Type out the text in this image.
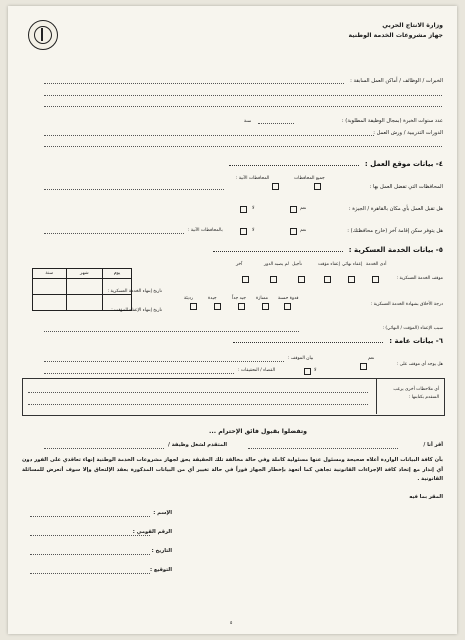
وزارة الانتاج الحربي
جهاز مشروعات الخدمة الوطنية
الخبرات / الوظائف / أماكن العمل السابقة :
عدد سنوات الخبرة (بمجال الوظيفة المطلوبة) :
سنة
الدورات التدريبية / ورش العمل :
٤- بيانات موقع العمل :
المحافظات التي تفضل العمل بها :
جميع المحافظات
المحافظات الآتية :
هل تقبل العمل بأي مكان بالقاهرة / الجيزة :
نعم
لا
هل يتوفر سكن إقامة آخر (خارج محافظتك) :
نعم
لا
بالمحافظات الآتية :
٥- بيانات الخدمة العسكرية :
موقف الخدمة العسكرية :
أدى الخدمة
إعفاء نهائي
إعفاء مؤقت
تأجيل
لم يصبه الدور
آخر
تاريخ إنتهاء الخدمة العسكرية :
سنة	شهر	يوم

درجة الأخلاق بشهادة الخدمة العسكرية :
قدوة حسنة
ممتازة
جيد جداً
جيدة
رديئة
تاريخ إنتهاء الإعفاء المؤقت :
سبب الإعفاء (المؤقت / النهائي) :
٦- بيانات عامة :
هل يوجد أي موقف على :
نعم
بيان الموقف :
لا
القضاء / التحقيقات :
أي ملاحظات أخرى يرغب المتقدم بكتابتها :
وتفضلوا بقبول فائق الإحترام ...
أقر أنا /
المتقدم لشغل وظيفة /
بأن كافة البيانات الواردة أعلاه صحيحة ومسئول عنها مسئولية كاملة وفي حالة مخالفة تلك الحقيقة يحق لجهاز مشروعات الخدمة الوطنية إنهاء تعاقدي على الفور دون أي إنذار مع إتخاذ كافة الإجراءات القانونية تجاهي كما أتعهد بإخطار الجهاز فوراً في حالة تغيير أي من البيانات المذكورة بعقد الإلتحاق وإلا سوف أتعرض للمسائلة القانونية .
المقر بما فيه
الإسم :
الرقم القومي :
التاريخ :
التوقيع :
٥
